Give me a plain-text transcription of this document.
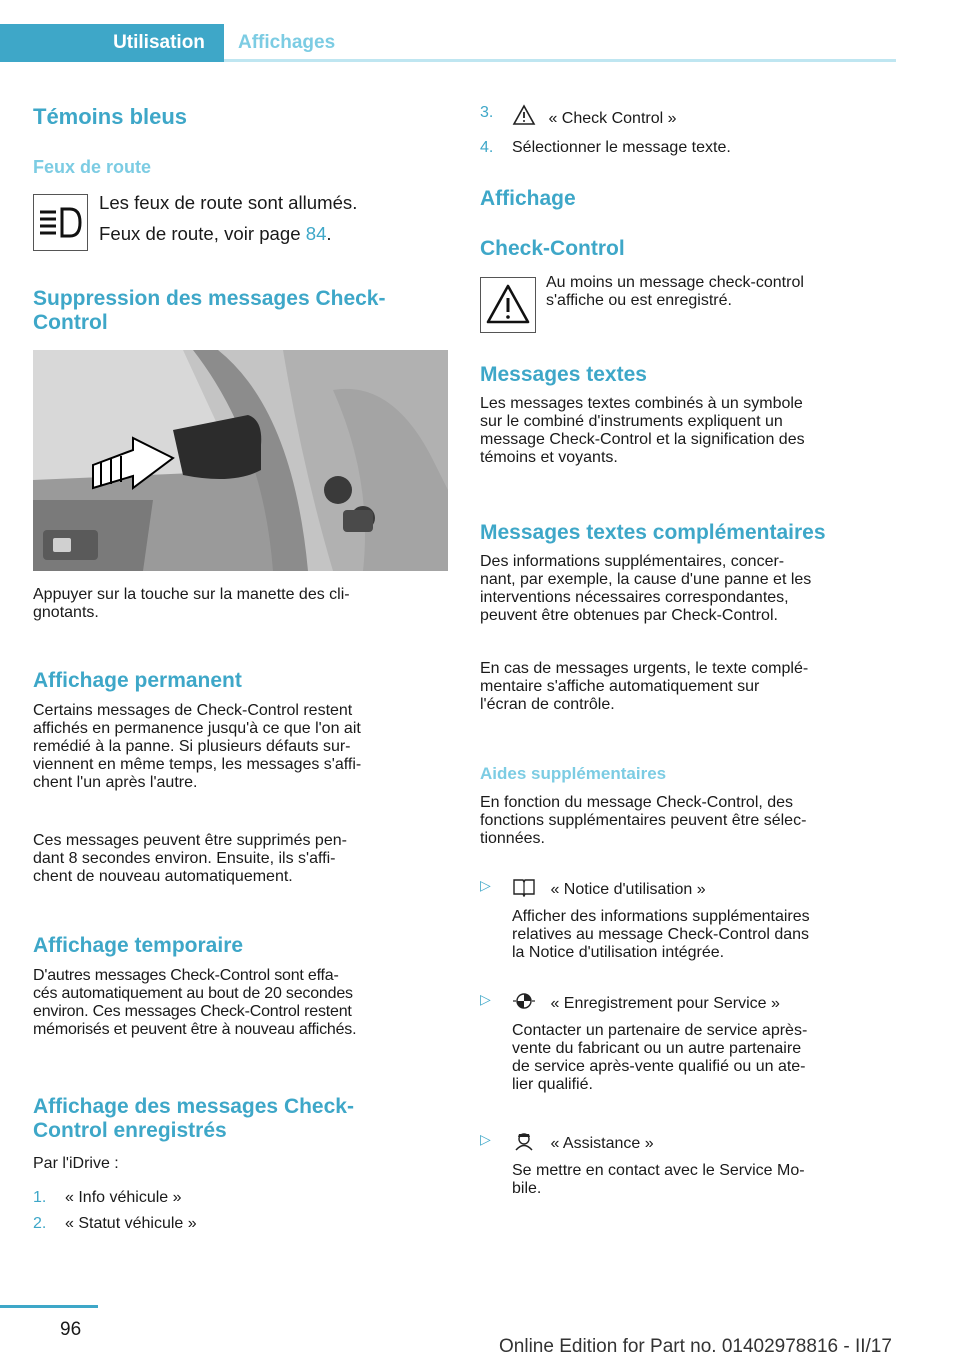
Utilisation	Affichages
Témoins bleus
Feux de route

Les feux de route sont allumés.

Feux de route, voir page 84.

Suppression des messages Check-
Control

Appuyer sur la touche sur la manette des cli-
gnotants.

Affichage permanent

Certains messages de Check-Control restent
affichés en permanence jusqu'à ce que l'on ait
remédié à la panne. Si plusieurs défauts sur-
viennent en même temps, les messages s'affi-
chent l'un après l'autre.

Ces messages peuvent être supprimés pen-
dant 8 secondes environ. Ensuite, ils s'affi-
chent de nouveau automatiquement.

Affichage temporaire

D'autres messages Check-Control sont effa-
cés automatiquement au bout de 20 secondes
environ. Ces messages Check-Control restent
mémorisés et peuvent être à nouveau affichés.

Affichage des messages Check-
Control enregistrés

Par l'iDrive :

1. « Info véhicule »
2. « Statut véhicule »
3.	« Check Control »
4. Sélectionner le message texte.
Affichage
Check-Control

Au moins un message check-control
s'affiche ou est enregistré.

Messages textes

Les messages textes combinés à un symbole
sur le combiné d'instruments expliquent un
message Check-Control et la signification des
témoins et voyants.

Messages textes complémentaires

Des informations supplémentaires, concer-
nant, par exemple, la cause d'une panne et les
interventions nécessaires correspondantes,
peuvent être obtenues par Check-Control.

En cas de messages urgents, le texte complé-
mentaire s'affiche automatiquement sur
l'écran de contrôle.

Aides supplémentaires

En fonction du message Check-Control, des
fonctions supplémentaires peuvent être sélec-
tionnées.

▷	« Notice d'utilisation »
Afficher des informations supplémentaires
relatives au message Check-Control dans
la Notice d'utilisation intégrée.
▷	« Enregistrement pour Service »
Contacter un partenaire de service après-
vente du fabricant ou un autre partenaire
de service après-vente qualifié ou un ate-
lier qualifié.
▷	« Assistance »
Se mettre en contact avec le Service Mo-
bile.
96
Online Edition for Part no. 01402978816 - II/17
